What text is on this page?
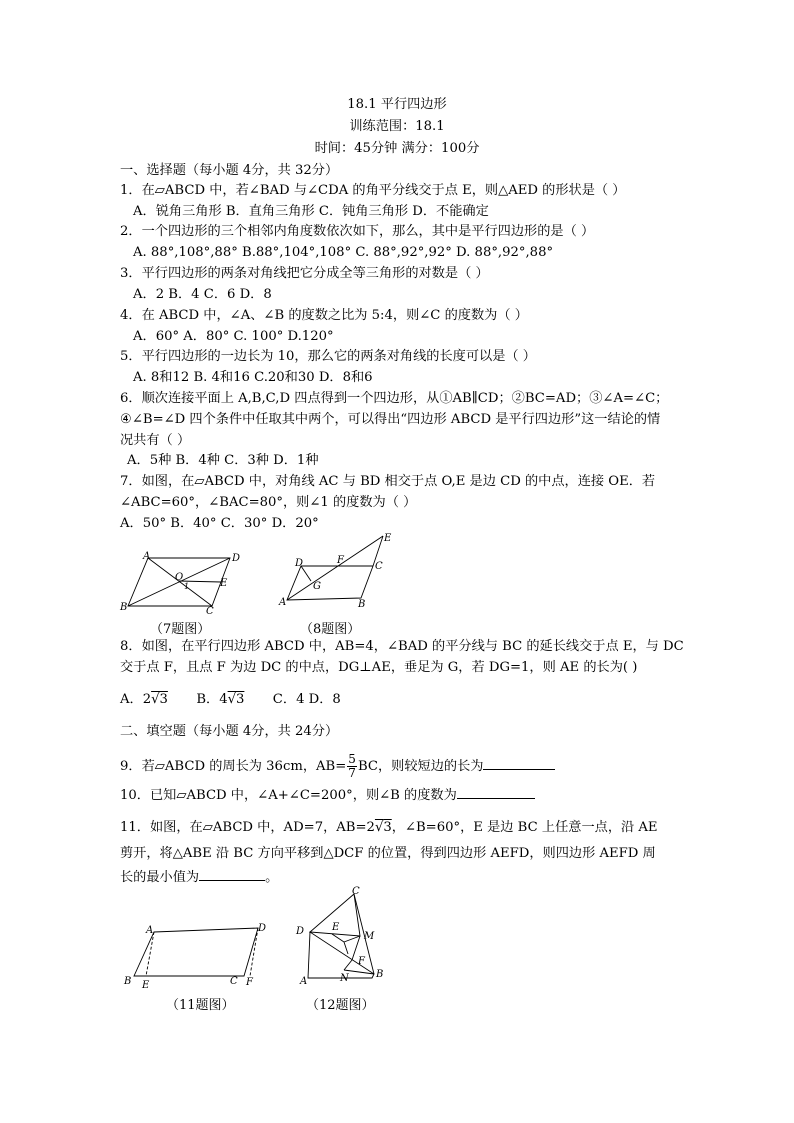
18.1 平行四边形
训练范围：18.1
时间：45分钟 满分：100分
一、选择题（每小题 4分，共 32分）
1．在▱ABCD 中，若∠BAD 与∠CDA 的角平分线交于点 E，则△AED 的形状是（ ）
A．锐角三角形 B．直角三角形 C．钝角三角形 D．不能确定
2．一个四边形的三个相邻内角度数依次如下，那么，其中是平行四边形的是（ ）
A. 88°,108°,88° B.88°,104°,108° C. 88°,92°,92° D. 88°,92°,88°
3．平行四边形的两条对角线把它分成全等三角形的对数是（ ）
A．2 B．4 C．6 D．8
4．在 ABCD 中，∠A、∠B 的度数之比为 5:4，则∠C 的度数为（ ）
A．60° A．80° C. 100° D.120°
5．平行四边形的一边长为 10，那么它的两条对角线的长度可以是（ ）
A. 8和12 B. 4和16 C.20和30 D．8和6
6．顺次连接平面上 A,B,C,D 四点得到一个四边形，从①AB∥CD；②BC=AD；③∠A=∠C；
④∠B=∠D 四个条件中任取其中两个，可以得出“四边形 ABCD 是平行四边形”这一结论的情
况共有（ ）
A．5种 B．4种 C．3种 D．1种
7．如图，在▱ABCD 中，对角线 AC 与 BD 相交于点 O,E 是边 CD 的中点，连接 OE．若
∠ABC=60°，∠BAC=80°，则∠1 的度数为（ ）
A．50° B．40° C．30° D．20°
A	D
B	C
O
E
1
（7题图）
D	F
C
E
G
A	B
（8题图）
8．如图，在平行四边形 ABCD 中，AB=4，∠BAD 的平分线与 BC 的延长线交于点 E，与 DC
交于点 F，且点 F 为边 DC 的中点，DG⊥AE，垂足为 G，若 DG=1，则 AE 的长为( )
A．2√3 B．4√3 C．4 D．8
二、填空题（每小题 4分，共 24分）
9．若▱ABCD 的周长为 36cm，$AB= \frac{5}{7}$ BC，则较短边的长为
10．已知▱ABCD 中，∠A+∠C=200°，则∠B 的度数为
11．如图，在▱ABCD 中，AD=7，AB=2√3，∠B=60°，E 是边 BC 上任意一点，沿 AE
剪开，将△ABE 沿 BC 方向平移到△DCF 的位置，得到四边形 AEFD，则四边形 AEFD 周
长的最小值为	。
A	D
B E	C F
（11题图）
C
D	E
M
F
N
A
B
（12题图）
